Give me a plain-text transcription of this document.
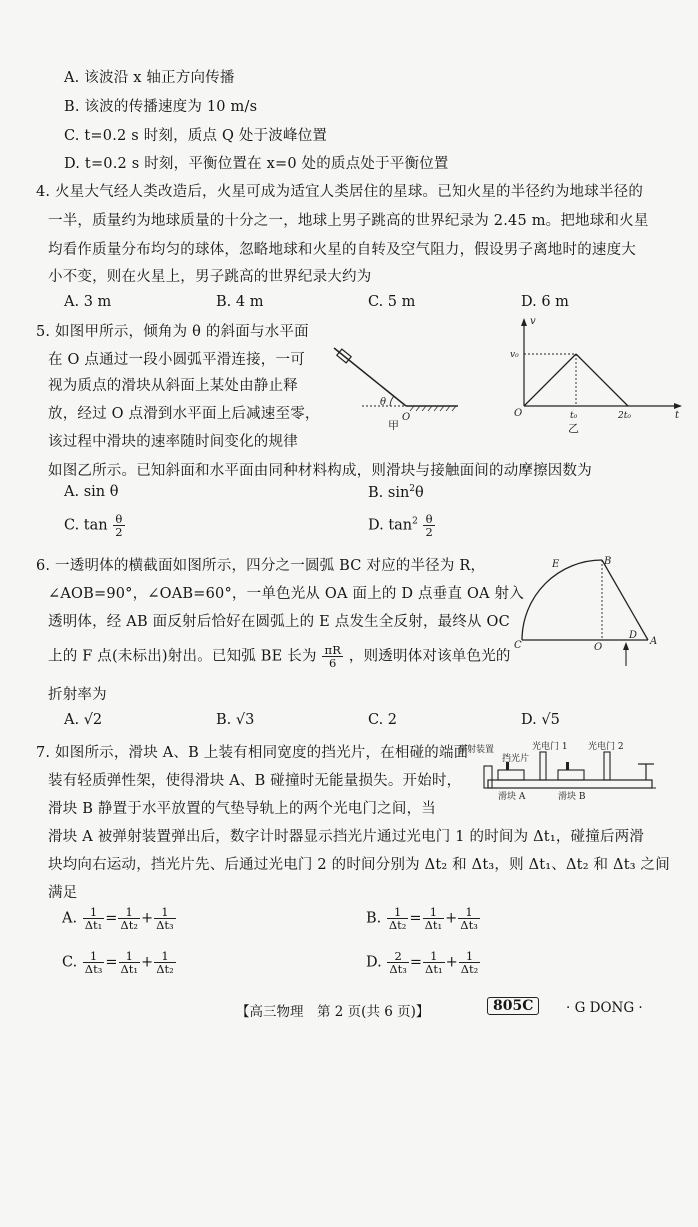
A. 该波沿 x 轴正方向传播
B. 该波的传播速度为 10 m/s
C. t=0.2 s 时刻，质点 Q 处于波峰位置
D. t=0.2 s 时刻，平衡位置在 x=0 处的质点处于平衡位置
4. 火星大气经人类改造后，火星可成为适宜人类居住的星球。已知火星的半径约为地球半径的
一半，质量约为地球质量的十分之一，地球上男子跳高的世界纪录为 2.45 m。把地球和火星
均看作质量分布均匀的球体，忽略地球和火星的自转及空气阻力，假设男子离地时的速度大
小不变，则在火星上，男子跳高的世界纪录大约为
A. 3 m	B. 4 m	C. 5 m	D. 6 m
5. 如图甲所示，倾角为 θ 的斜面与水平面
在 O 点通过一段小圆弧平滑连接，一可
视为质点的滑块从斜面上某处由静止释
放，经过 O 点滑到水平面上后减速至零，
该过程中滑块的速率随时间变化的规律
如图乙所示。已知斜面和水平面由同种材料构成，则滑块与接触面间的动摩擦因数为
θ
O
甲
v
v₀
O	t₀	2t₀	t
乙
A. sin θ	B. $\sin^2\theta$
C. $\tan \frac{\theta}{2}$	D. $\tan^2 \frac{\theta}{2}$
6. 一透明体的横截面如图所示，四分之一圆弧 BC 对应的半径为 R，
∠AOB=90°，∠OAB=60°，一单色光从 OA 面上的 D 点垂直 OA 射入
透明体，经 AB 面反射后恰好在圆弧上的 E 点发生全反射，最终从 OC
上的 F 点(未标出)射出。已知弧 BE 长为 $\frac{\pi R}{6}$ ，则透明体对该单色光的
折射率为
E	B
C	O
D
A
A. √2	B. √3	C. 2	D. √5
7. 如图所示，滑块 A、B 上装有相同宽度的挡光片，在相碰的端面
装有轻质弹性架，使得滑块 A、B 碰撞时无能量损失。开始时，
滑块 B 静置于水平放置的气垫导轨上的两个光电门之间，当
滑块 A 被弹射装置弹出后，数字计时器显示挡光片通过光电门 1 的时间为 Δt₁，碰撞后两滑
块均向右运动，挡光片先、后通过光电门 2 的时间分别为 Δt₂ 和 Δt₃，则 Δt₁、Δt₂ 和 Δt₃ 之间
满足
弹射装置	光电门 1 光电门 2
挡光片
滑块 A	滑块 B
A. $\frac{1}{\text{Δt₁}} = \frac{1}{\text{Δt₂}} + \frac{1}{\text{Δt₃}}$	B. $\frac{1}{\text{Δt₂}} = \frac{1}{\text{Δt₁}} + \frac{1}{\text{Δt₃}}$
C. $\frac{1}{\text{Δt₃}} = \frac{1}{\text{Δt₁}} + \frac{1}{\text{Δt₂}}$	D. $\frac{2}{\text{Δt₃}} = \frac{1}{\text{Δt₁}} + \frac{1}{\text{Δt₂}}$
【高三物理　第 2 页(共 6 页)】	805C	· G DONG ·
